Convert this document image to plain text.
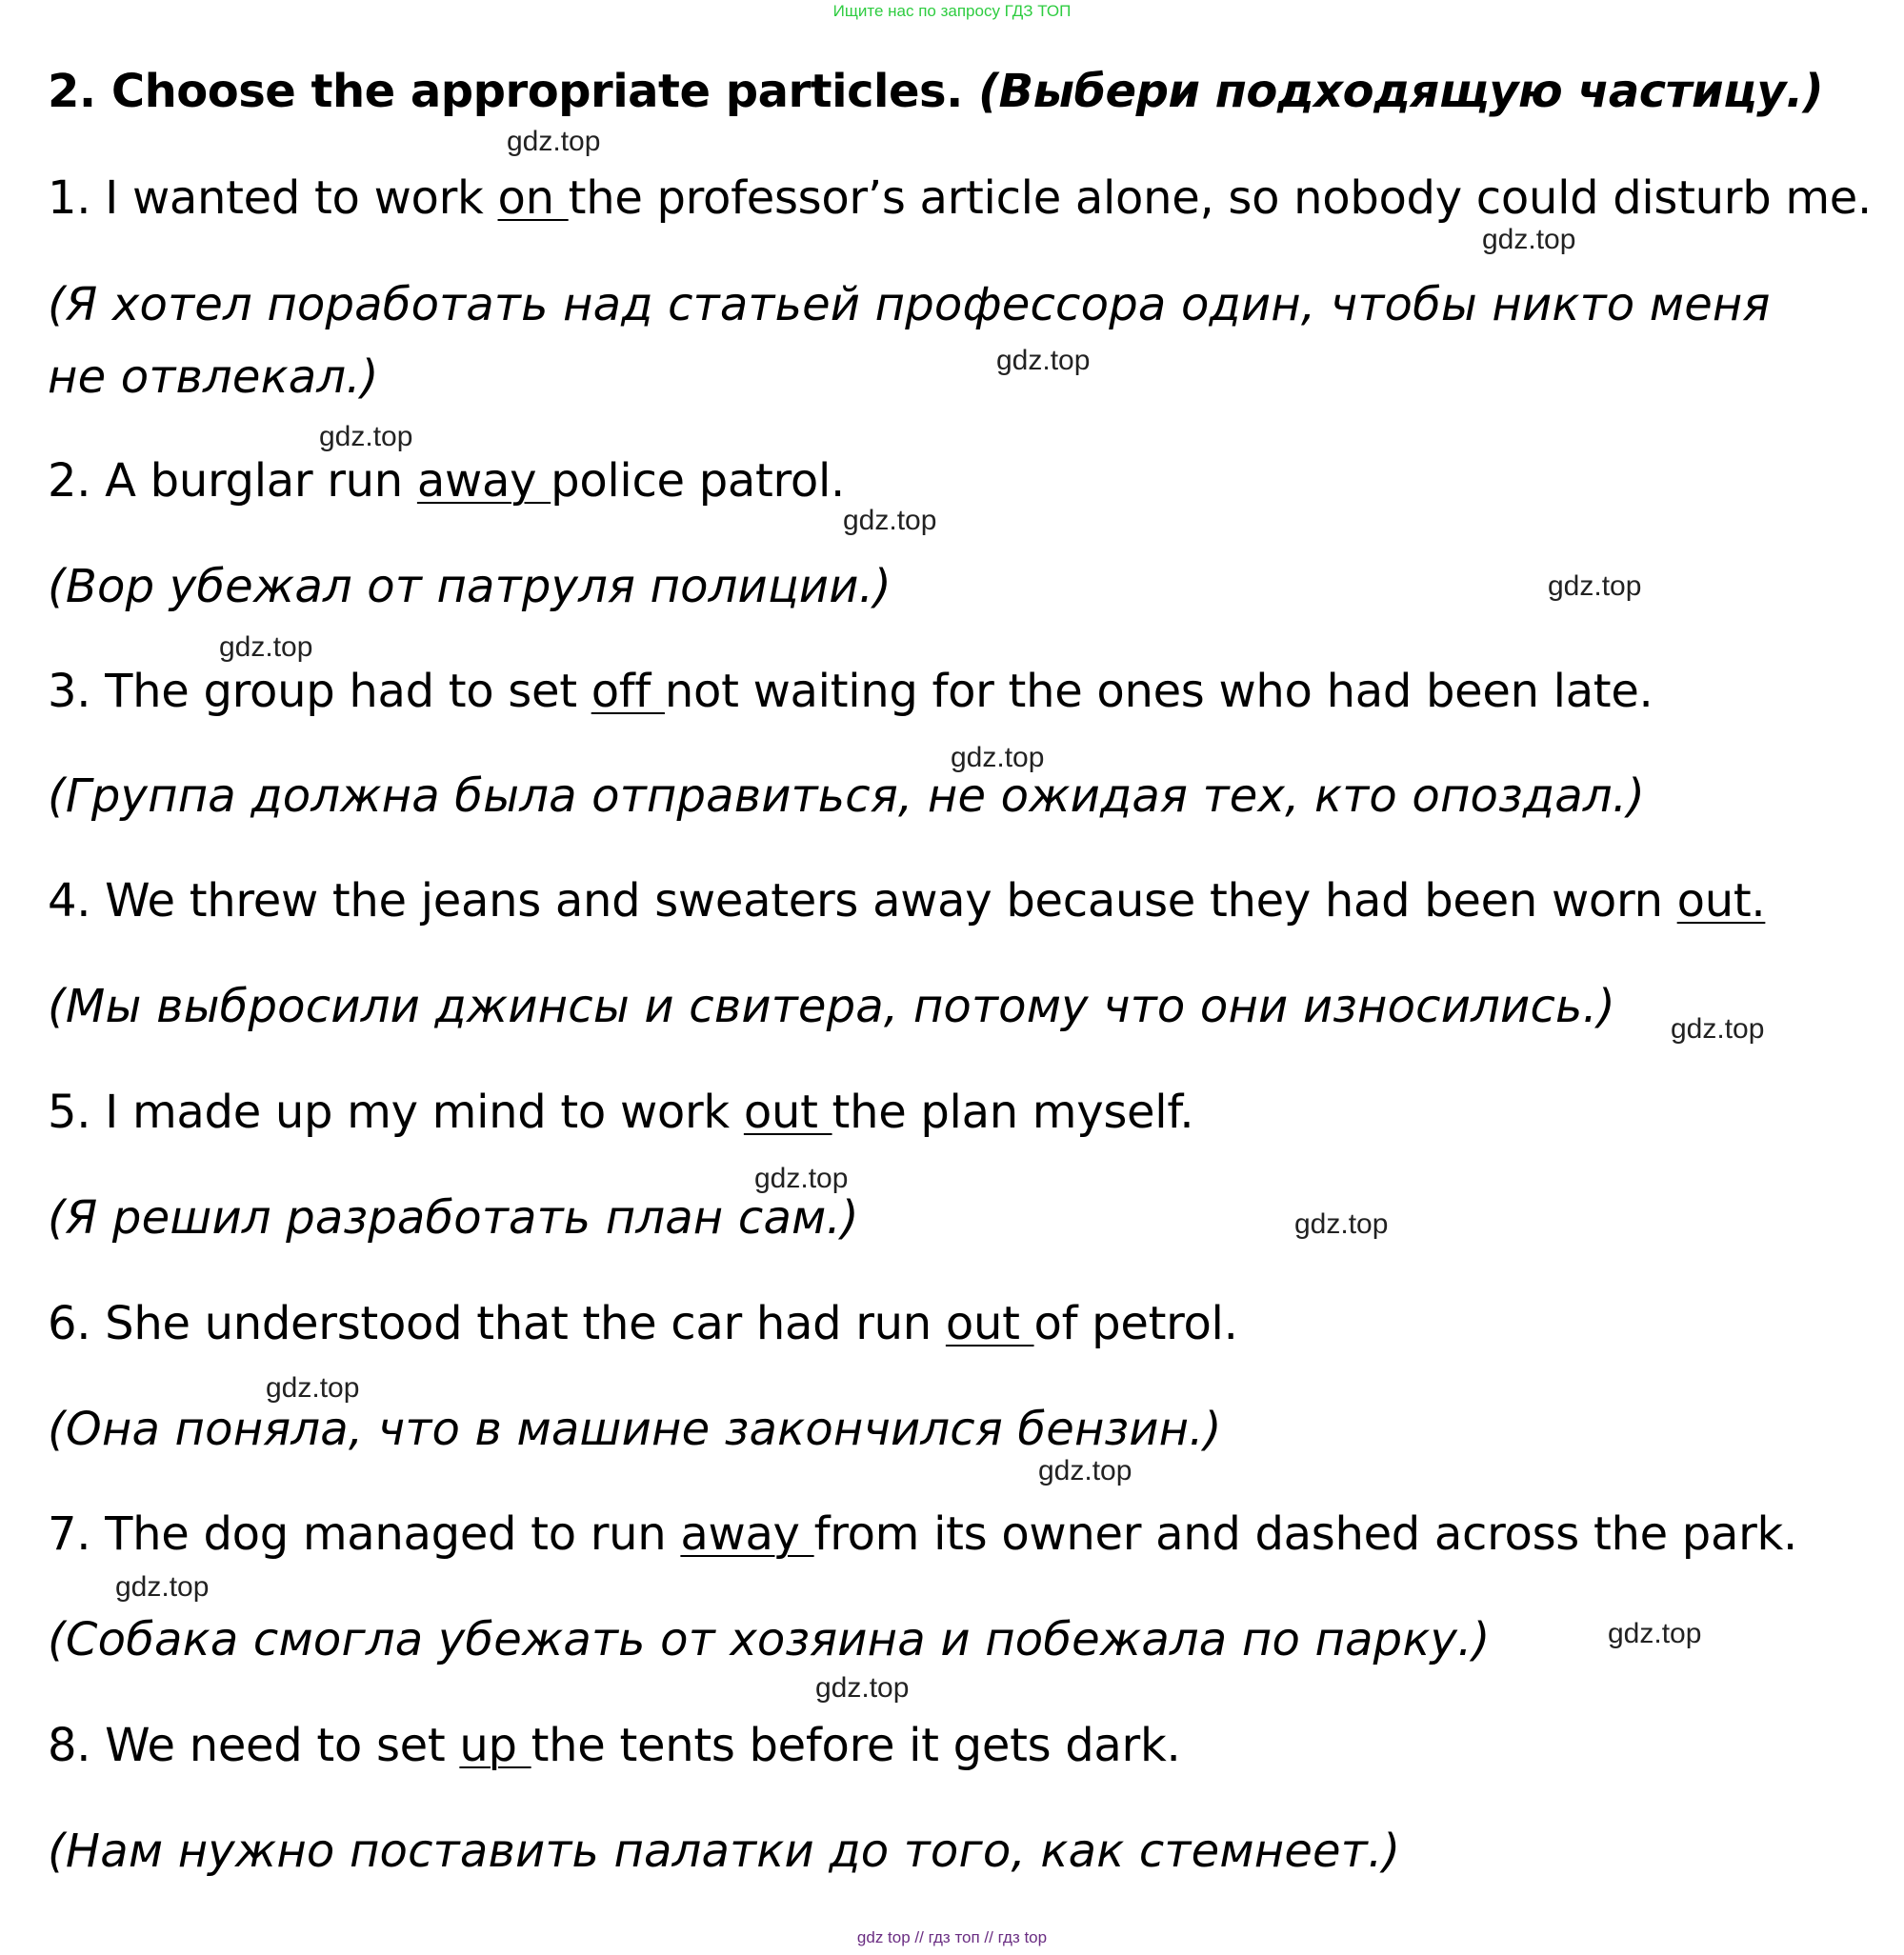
Ищите нас по запросу ГДЗ ТОП
2. Choose the appropriate particles. (Выбери подходящую частицу.)
1. I wanted to work on the professor’s article alone, so nobody could disturb me.
(Я хотел поработать над статьей профессора один, чтобы никто меня
не отвлекал.)
2. A burglar run away police patrol.
(Вор убежал от патруля полиции.)
3. The group had to set off not waiting for the ones who had been late.
(Группа должна была отправиться, не ожидая тех, кто опоздал.)
4. We threw the jeans and sweaters away because they had been worn out.
(Мы выбросили джинсы и свитера, потому что они износились.)
5. I made up my mind to work out the plan myself.
(Я решил разработать план сам.)
6. She understood that the car had run out of petrol.
(Она поняла, что в машине закончился бензин.)
7. The dog managed to run away from its owner and dashed across the park.
(Собака смогла убежать от хозяина и побежала по парку.)
8. We need to set up the tents before it gets dark.
(Нам нужно поставить палатки до того, как стемнеет.)
gdz.top
gdz.top
gdz.top
gdz.top
gdz.top
gdz.top
gdz.top
gdz.top
gdz.top
gdz.top
gdz.top
gdz.top
gdz.top
gdz.top
gdz.top
gdz.top
gdz top // гдз топ // гдз top
